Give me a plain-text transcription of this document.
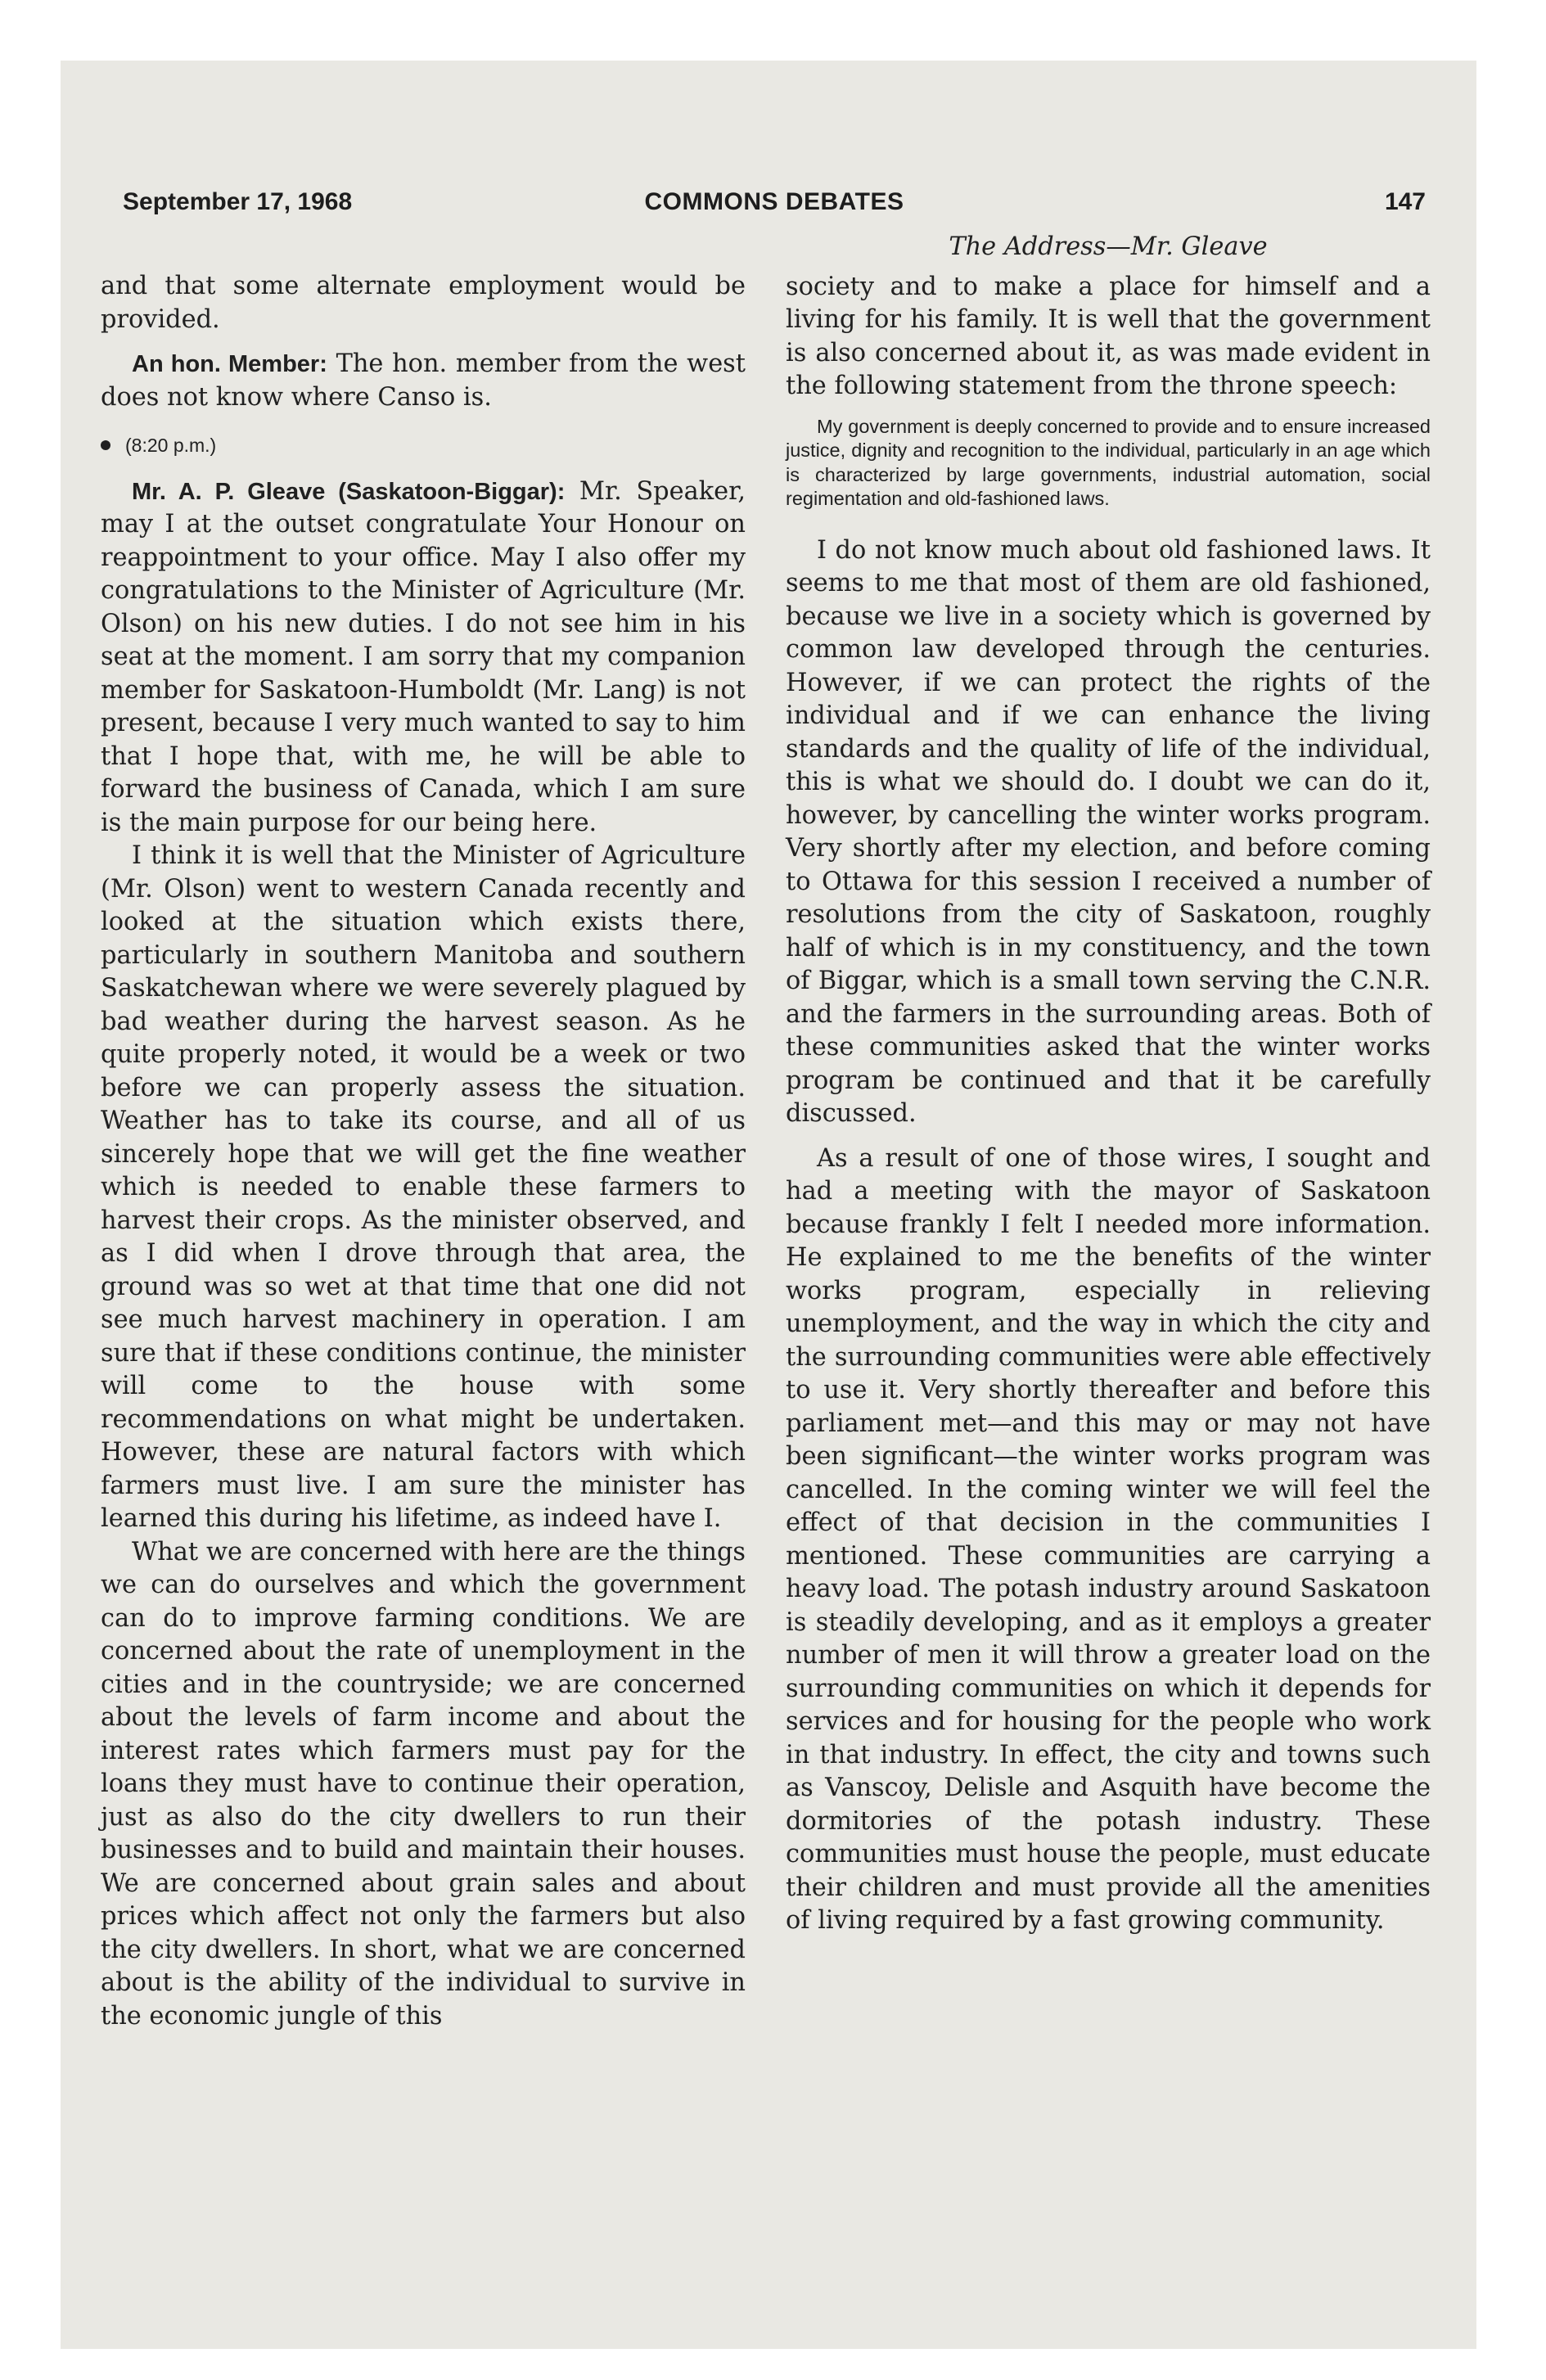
September 17, 1968	COMMONS DEBATES	147

and that some alternate employment would be provided.

An hon. Member: The hon. member from the west does not know where Canso is.

(8:20 p.m.)

Mr. A. P. Gleave (Saskatoon-Biggar): Mr. Speaker, may I at the outset congratulate Your Honour on reappointment to your office. May I also offer my congratulations to the Minister of Agriculture (Mr. Olson) on his new duties. I do not see him in his seat at the moment. I am sorry that my companion member for Saskatoon-Humboldt (Mr. Lang) is not present, because I very much wanted to say to him that I hope that, with me, he will be able to forward the business of Canada, which I am sure is the main purpose for our being here.

I think it is well that the Minister of Agriculture (Mr. Olson) went to western Canada recently and looked at the situation which exists there, particularly in southern Manitoba and southern Saskatchewan where we were severely plagued by bad weather during the harvest season. As he quite properly noted, it would be a week or two before we can properly assess the situation. Weather has to take its course, and all of us sincerely hope that we will get the fine weather which is needed to enable these farmers to harvest their crops. As the minister observed, and as I did when I drove through that area, the ground was so wet at that time that one did not see much harvest machinery in operation. I am sure that if these conditions continue, the minister will come to the house with some recommendations on what might be undertaken. However, these are natural factors with which farmers must live. I am sure the minister has learned this during his lifetime, as indeed have I.

What we are concerned with here are the things we can do ourselves and which the government can do to improve farming conditions. We are concerned about the rate of unemployment in the cities and in the countryside; we are concerned about the levels of farm income and about the interest rates which farmers must pay for the loans they must have to continue their operation, just as also do the city dwellers to run their businesses and to build and maintain their houses. We are concerned about grain sales and about prices which affect not only the farmers but also the city dwellers. In short, what we are concerned about is the ability of the individual to survive in the economic jungle of this

The Address—Mr. Gleave

society and to make a place for himself and a living for his family. It is well that the government is also concerned about it, as was made evident in the following statement from the throne speech:

My government is deeply concerned to provide and to ensure increased justice, dignity and recognition to the individual, particularly in an age which is characterized by large governments, industrial automation, social regimentation and old-fashioned laws.

I do not know much about old fashioned laws. It seems to me that most of them are old fashioned, because we live in a society which is governed by common law developed through the centuries. However, if we can protect the rights of the individual and if we can enhance the living standards and the quality of life of the individual, this is what we should do. I doubt we can do it, however, by cancelling the winter works program. Very shortly after my election, and before coming to Ottawa for this session I received a number of resolutions from the city of Saskatoon, roughly half of which is in my constituency, and the town of Biggar, which is a small town serving the C.N.R. and the farmers in the surrounding areas. Both of these communities asked that the winter works program be continued and that it be carefully discussed.

As a result of one of those wires, I sought and had a meeting with the mayor of Saskatoon because frankly I felt I needed more information. He explained to me the benefits of the winter works program, especially in relieving unemployment, and the way in which the city and the surrounding communities were able effectively to use it. Very shortly thereafter and before this parliament met—and this may or may not have been significant—the winter works program was cancelled. In the coming winter we will feel the effect of that decision in the communities I mentioned. These communities are carrying a heavy load. The potash industry around Saskatoon is steadily developing, and as it employs a greater number of men it will throw a greater load on the surrounding communities on which it depends for services and for housing for the people who work in that industry. In effect, the city and towns such as Vanscoy, Delisle and Asquith have become the dormitories of the potash industry. These communities must house the people, must educate their children and must provide all the amenities of living required by a fast growing community.
